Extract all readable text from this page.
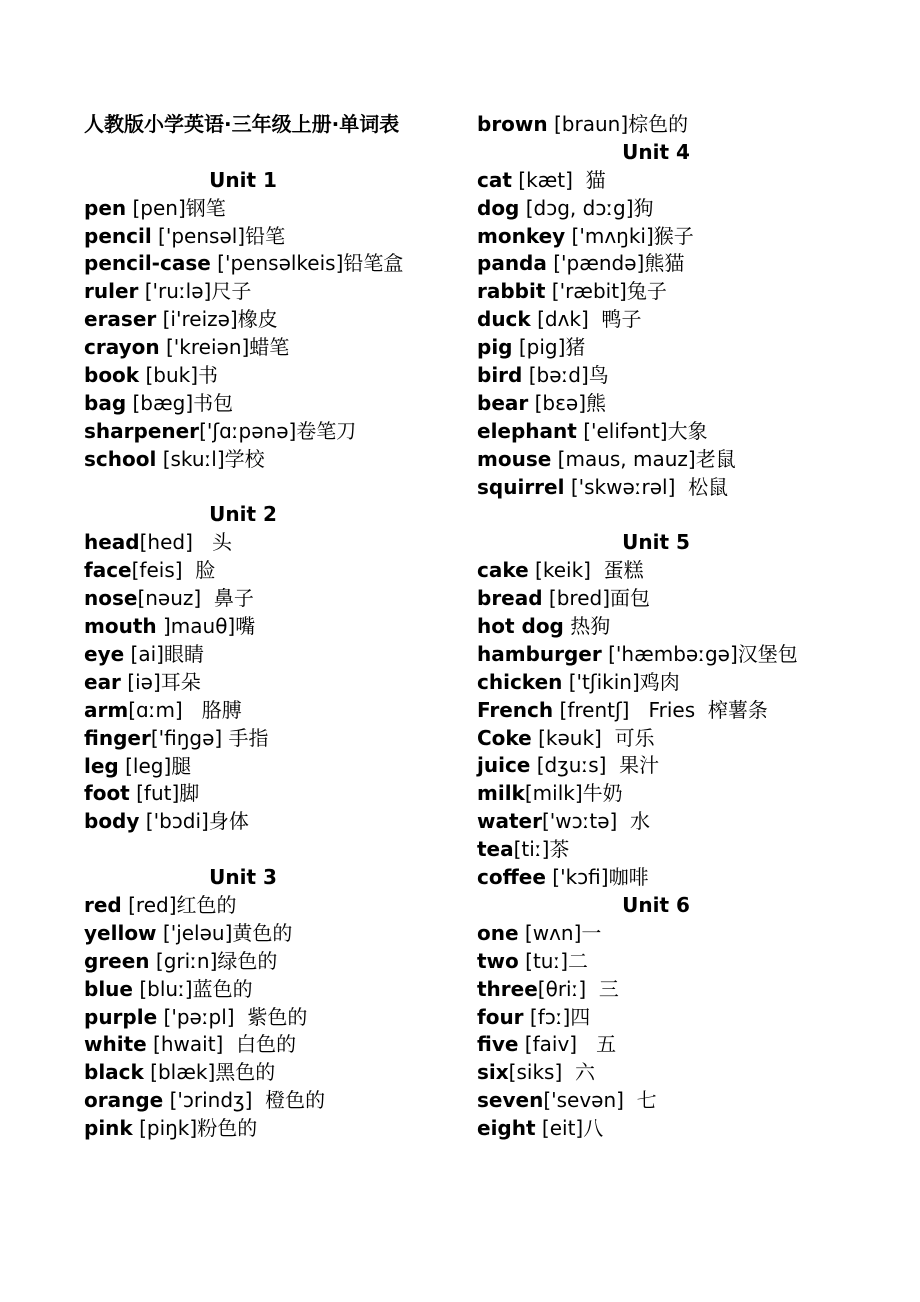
人教版小学英语·三年级上册·单词表
Unit 1
pen [pen]钢笔
pencil ['pensəl]铅笔
pencil-case ['pensəlkeis]铅笔盒
ruler ['ruːlə]尺子
eraser [i'reizə]橡皮
crayon ['kreiən]蜡笔
book [buk]书
bag [bæg]书包
sharpener['ʃɑːpənə]卷笔刀
school [skuːl]学校
Unit 2
head[hed]   头
face[feis]  脸
nose[nəuz]  鼻子
mouth ]mauθ]嘴
eye [ai]眼睛
ear [iə]耳朵
arm[ɑːm]   胳膊
finger['fiŋgə] 手指
leg [leg]腿
foot [fut]脚
body ['bɔdi]身体
Unit 3
red [red]红色的
yellow ['jeləu]黄色的
green [griːn]绿色的
blue [bluː]蓝色的
purple ['pəːpl]  紫色的
white [hwait]  白色的
black [blæk]黑色的
orange ['ɔrindʒ]  橙色的
pink [piŋk]粉色的
brown [braun]棕色的
Unit 4
cat [kæt]  猫
dog [dɔg, dɔːg]狗
monkey ['mʌŋki]猴子
panda ['pændə]熊猫
rabbit ['ræbit]兔子
duck [dʌk]  鸭子
pig [pig]猪
bird [bəːd]鸟
bear [bɛə]熊
elephant ['elifənt]大象
mouse [maus, mauz]老鼠
squirrel ['skwəːrəl]  松鼠
Unit 5
cake [keik]  蛋糕
bread [bred]面包
hot dog 热狗
hamburger ['hæmbəːgə]汉堡包
chicken ['tʃikin]鸡肉
French [frentʃ]   Fries  榨薯条
Coke [kəuk]  可乐
juice [dʒuːs]  果汁
milk[milk]牛奶
water['wɔːtə]  水
tea[tiː]茶
coffee ['kɔfi]咖啡
Unit 6
one [wʌn]一
two [tuː]二
three[θriː]  三
four [fɔː]四
five [faiv]   五
six[siks]  六
seven['sevən]  七
eight [eit]八
